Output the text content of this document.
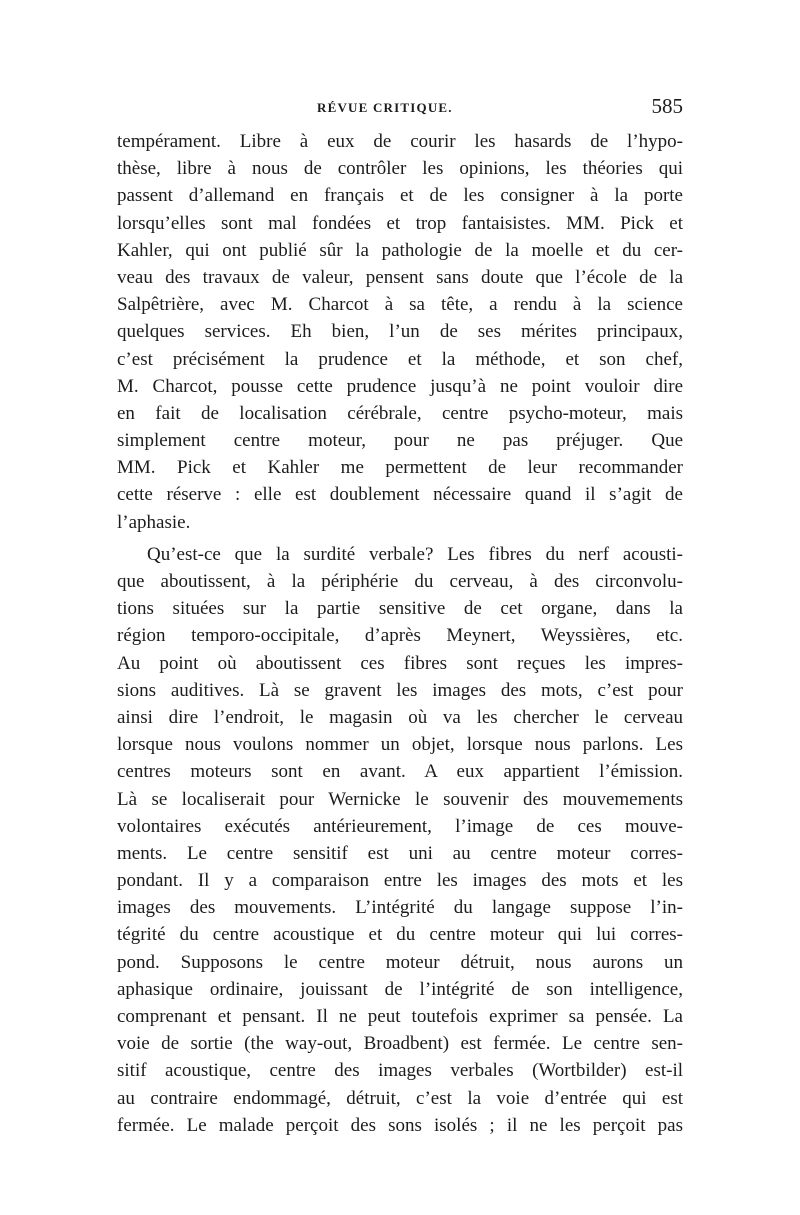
RÉVUE CRITIQUE.	585
tempérament. Libre à eux de courir les hasards de l’hypo-
thèse, libre à nous de contrôler les opinions, les théories qui
passent d’allemand en français et de les consigner à la porte
lorsqu’elles sont mal fondées et trop fantaisistes. MM. Pick et
Kahler, qui ont publié sûr la pathologie de la moelle et du cer-
veau des travaux de valeur, pensent sans doute que l’école de la
Salpêtrière, avec M. Charcot à sa tête, a rendu à la science
quelques services. Eh bien, l’un de ses mérites principaux,
c’est précisément la prudence et la méthode, et son chef,
M. Charcot, pousse cette prudence jusqu’à ne point vouloir dire
en fait de localisation cérébrale, centre psycho-moteur, mais
simplement centre moteur, pour ne pas préjuger. Que
MM. Pick et Kahler me permettent de leur recommander
cette réserve : elle est doublement nécessaire quand il s’agit de
l’aphasie.
Qu’est-ce que la surdité verbale? Les fibres du nerf acousti-
que aboutissent, à la périphérie du cerveau, à des circonvolu-
tions situées sur la partie sensitive de cet organe, dans la
région temporo-occipitale, d’après Meynert, Weyssières, etc.
Au point où aboutissent ces fibres sont reçues les impres-
sions auditives. Là se gravent les images des mots, c’est pour
ainsi dire l’endroit, le magasin où va les chercher le cerveau
lorsque nous voulons nommer un objet, lorsque nous parlons. Les
centres moteurs sont en avant. A eux appartient l’émission.
Là se localiserait pour Wernicke le souvenir des mouvemements
volontaires exécutés antérieurement, l’image de ces mouve-
ments. Le centre sensitif est uni au centre moteur corres-
pondant. Il y a comparaison entre les images des mots et les
images des mouvements. L’intégrité du langage suppose l’in-
tégrité du centre acoustique et du centre moteur qui lui corres-
pond. Supposons le centre moteur détruit, nous aurons un
aphasique ordinaire, jouissant de l’intégrité de son intelligence,
comprenant et pensant. Il ne peut toutefois exprimer sa pensée. La
voie de sortie (the way-out, Broadbent) est fermée. Le centre sen-
sitif acoustique, centre des images verbales (Wortbilder) est-il
au contraire endommagé, détruit, c’est la voie d’entrée qui est
fermée. Le malade perçoit des sons isolés ; il ne les perçoit pas
